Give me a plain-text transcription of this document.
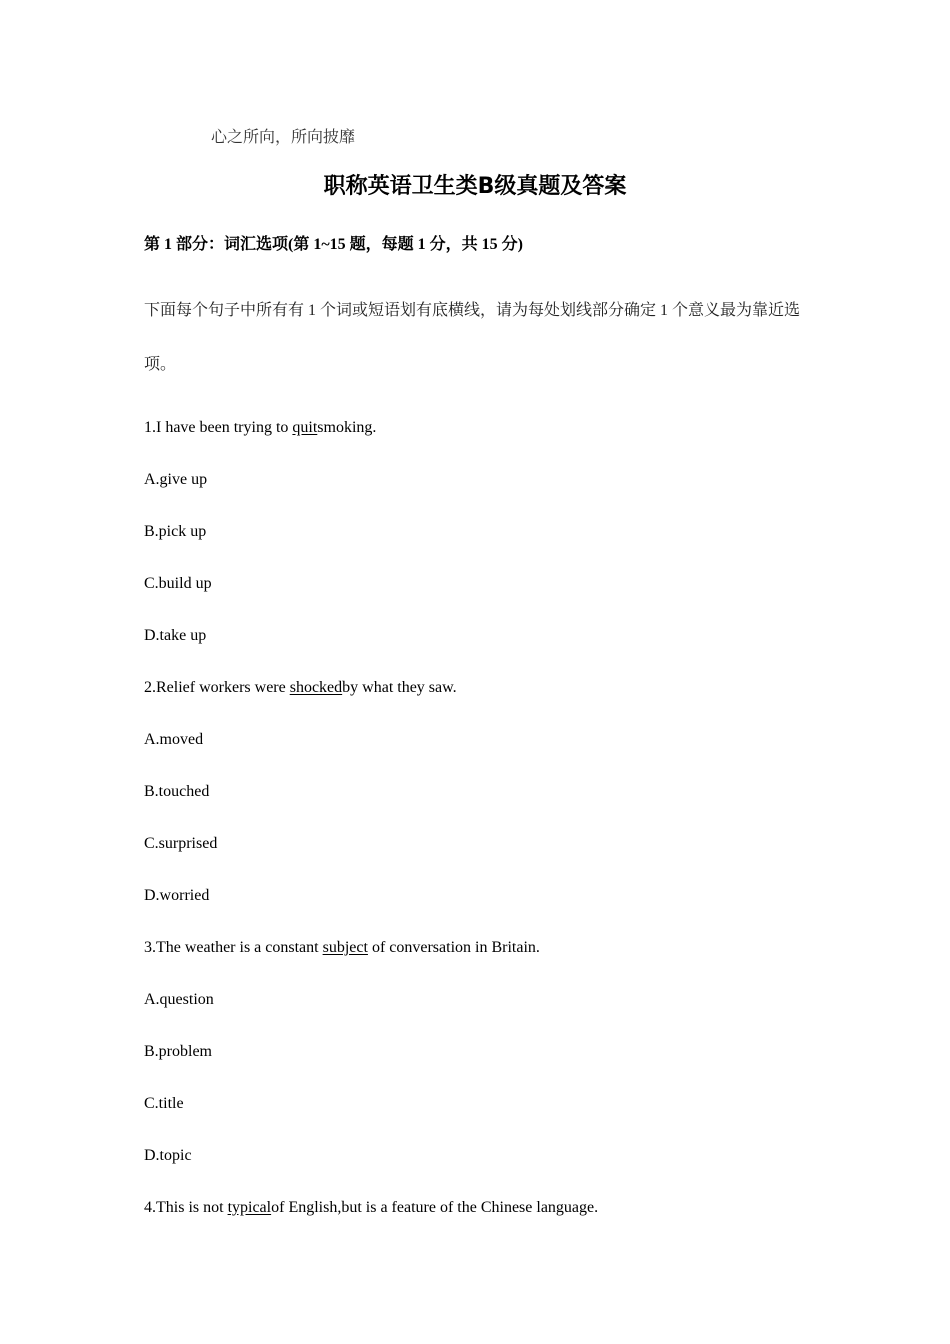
心之所向，所向披靡
职称英语卫生类B级真题及答案
第 1 部分：词汇选项(第 1~15 题，每题 1 分，共 15 分)
下面每个句子中所有有 1 个词或短语划有底横线，请为每处划线部分确定 1 个意义最为靠近选项。
1.I have been trying to quitsmoking.
A.give up
B.pick up
C.build up
D.take up
2.Relief workers were shockedby what they saw.
A.moved
B.touched
C.surprised
D.worried
3.The weather is a constant subject of conversation in Britain.
A.question
B.problem
C.title
D.topic
4.This is not typicalof English,but is a feature of the Chinese language.
